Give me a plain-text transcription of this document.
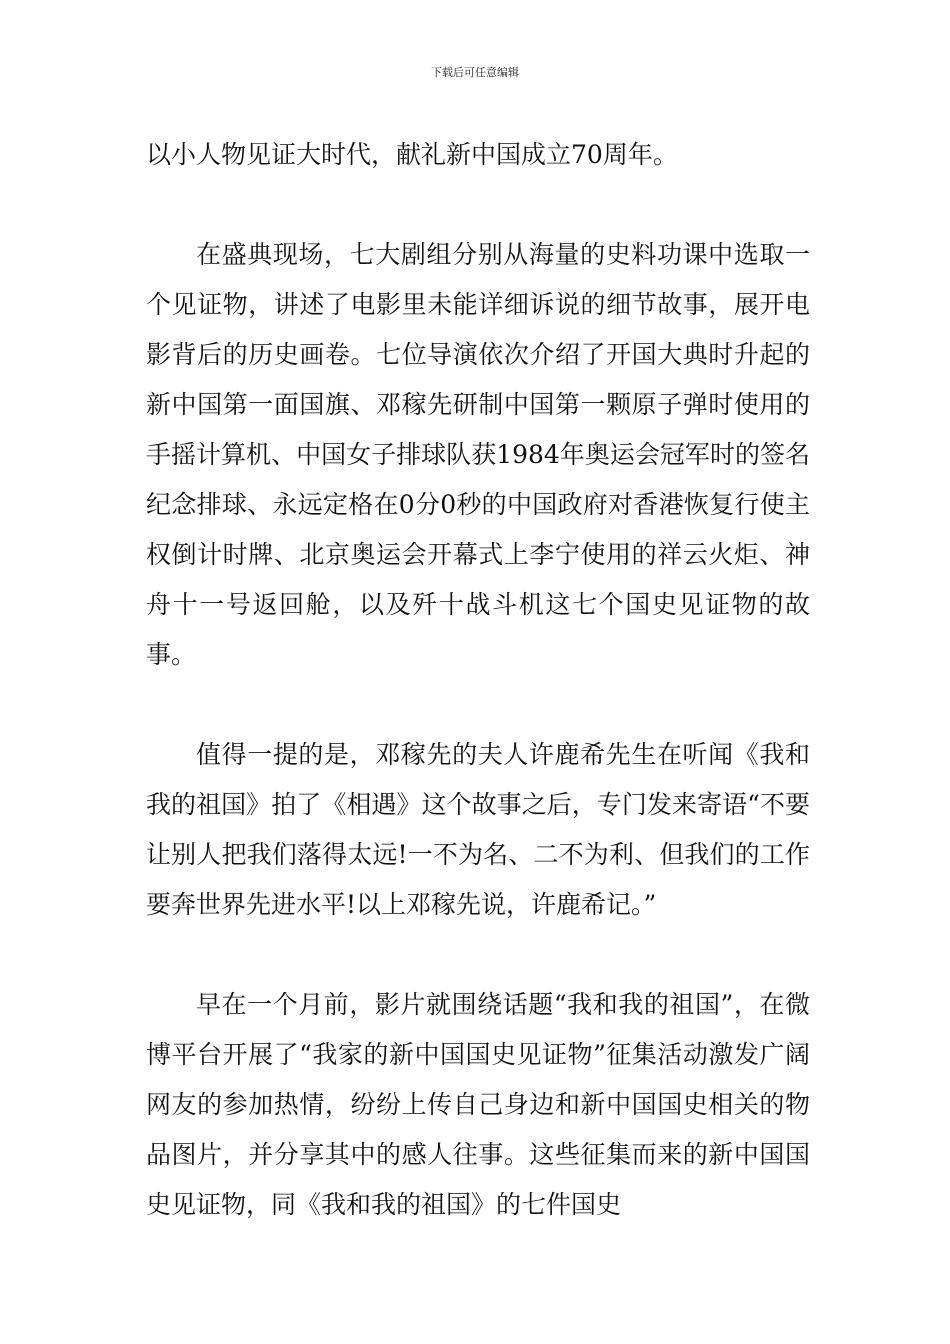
下载后可任意编辑

以小人物见证大时代，献礼新中国成立70周年。

在盛典现场，七大剧组分别从海量的史料功课中选取一个见证物，讲述了电影里未能详细诉说的细节故事，展开电影背后的历史画卷。七位导演依次介绍了开国大典时升起的新中国第一面国旗、邓稼先研制中国第一颗原子弹时使用的手摇计算机、中国女子排球队获1984年奥运会冠军时的签名纪念排球、永远定格在0分0秒的中国政府对香港恢复行使主权倒计时牌、北京奥运会开幕式上李宁使用的祥云火炬、神舟十一号返回舱，以及歼十战斗机这七个国史见证物的故事。

值得一提的是，邓稼先的夫人许鹿希先生在听闻《我和我的祖国》拍了《相遇》这个故事之后，专门发来寄语“不要让别人把我们落得太远!一不为名、二不为利、但我们的工作要奔世界先进水平!以上邓稼先说，许鹿希记。”

早在一个月前，影片就围绕话题“我和我的祖国”，在微博平台开展了“我家的新中国国史见证物”征集活动激发广阔网友的参加热情，纷纷上传自己身边和新中国国史相关的物品图片，并分享其中的感人往事。这些征集而来的新中国国史见证物，同《我和我的祖国》的七件国史
